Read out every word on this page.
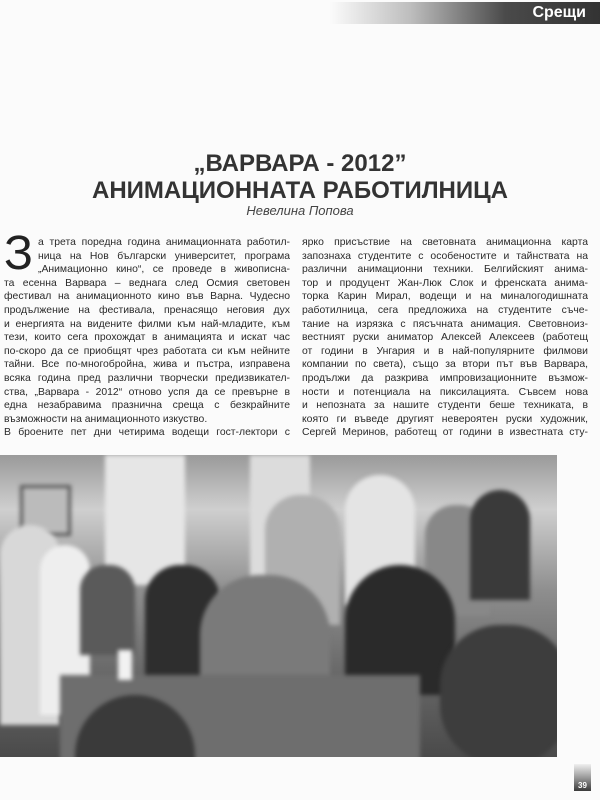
Срещи
„ВАРВАРА - 2012”
АНИМАЦИОННАТА РАБОТИЛНИЦА
Невелина Попова
З а трета поредна година анимационната работил-
ница на Нов български университет, програма
„Анимационно кино“, се проведе в живописна-
та есенна Варвара – веднага след Осмия световен
фестивал на анимационното кино във Варна. Чудесно
продължение на фестивала, пренасящо неговия дух
и енергията на видените филми към най-младите, към
тези, които сега прохождат в анимацията и искат час
по-скоро да се приобщят чрез работата си към нейните
тайни. Все по-многобройна, жива и пъстра, изправена
всяка година пред различни творчески предизвикател-
ства, „Варвара - 2012“ отново успя да се превърне в
една незабравима празнична среща с безкрайните
възможности на анимационното изкуство.
В броените пет дни четирима водещи гост-лектори с
ярко присъствие на световната анимационна карта
запознаха студентите с особеностите и тайнствата на
различни анимационни техники. Белгийският анима-
тор и продуцент Жан-Люк Слок и френската анима-
торка Карин Мирал, водещи и на миналогодишната
работилница, сега предложиха на студентите съче-
тание на изрязка с пясъчната анимация. Световноиз-
вестният руски аниматор Алексей Алексеев (работещ
от години в Унгария и в най-популярните филмови
компании по света), също за втори път във Варвара,
продължи да разкрива импровизационните възмож-
ности и потенциала на пиксилацията. Съвсем нова
и непозната за нашите студенти беше техниката, в
която ги въведе другият невероятен руски художник,
Сергей Меринов, работещ от години в известната сту-
39
